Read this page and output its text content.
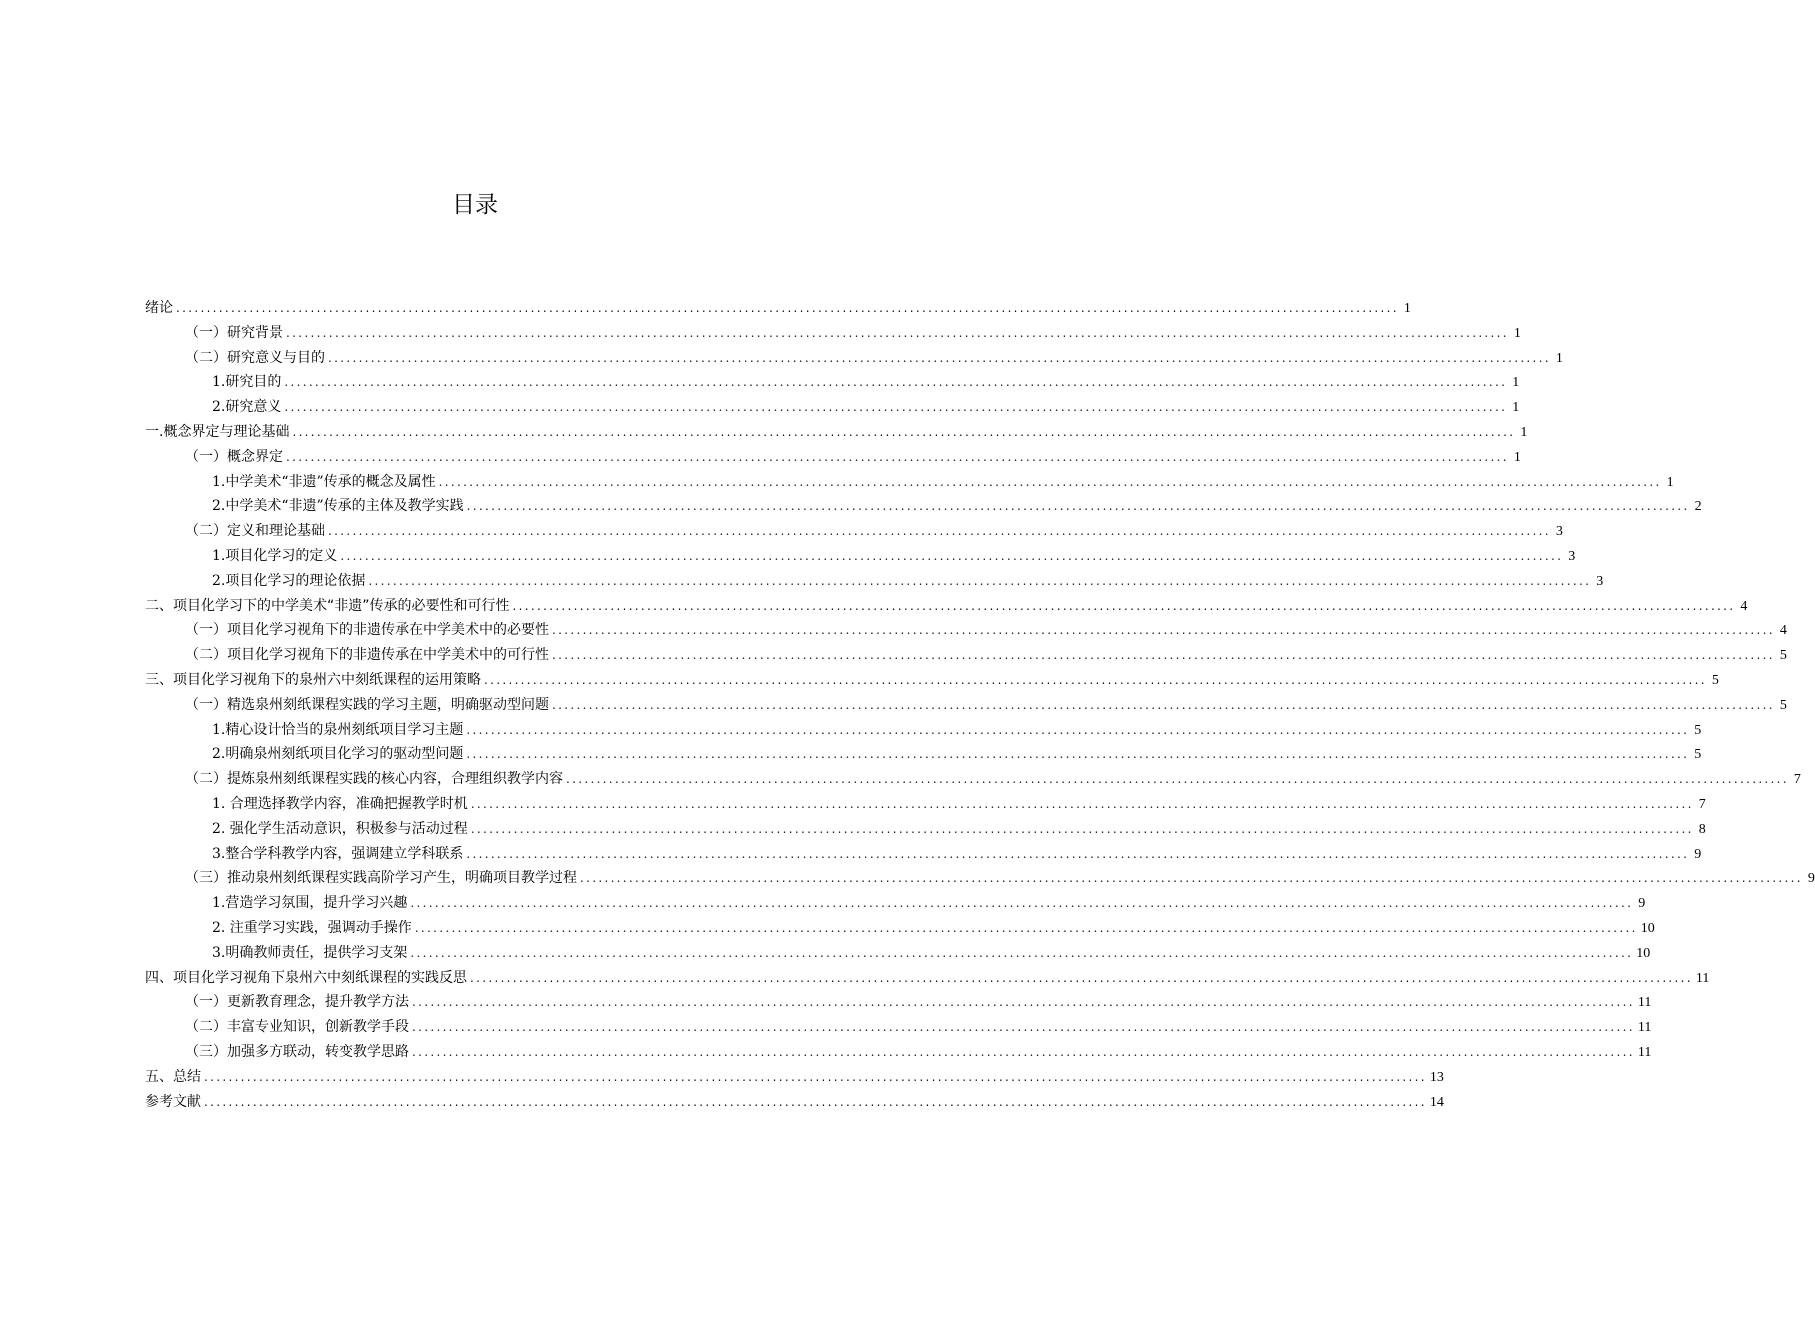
目录
绪论 ........................................................................................................................................................................................................ 1
（一）研究背景 ........................................................................................................................................................................................................ 1
（二）研究意义与目的 ........................................................................................................................................................................................................ 1
1.研究目的 ........................................................................................................................................................................................................ 1
2.研究意义 ........................................................................................................................................................................................................ 1
一.概念界定与理论基础 ........................................................................................................................................................................................................ 1
（一）概念界定 ........................................................................................................................................................................................................ 1
1.中学美术“非遗”传承的概念及属性 ........................................................................................................................................................................................................ 1
2.中学美术“非遗”传承的主体及教学实践 ........................................................................................................................................................................................................ 2
（二）定义和理论基础 ........................................................................................................................................................................................................ 3
1.项目化学习的定义 ........................................................................................................................................................................................................ 3
2.项目化学习的理论依据 ........................................................................................................................................................................................................ 3
二、项目化学习下的中学美术“非遗”传承的必要性和可行性 ........................................................................................................................................................................................................ 4
（一）项目化学习视角下的非遗传承在中学美术中的必要性 ........................................................................................................................................................................................................ 4
（二）项目化学习视角下的非遗传承在中学美术中的可行性 ........................................................................................................................................................................................................ 5
三、项目化学习视角下的泉州六中刻纸课程的运用策略 ........................................................................................................................................................................................................ 5
（一）精选泉州刻纸课程实践的学习主题，明确驱动型问题 ........................................................................................................................................................................................................ 5
1.精心设计恰当的泉州刻纸项目学习主题 ........................................................................................................................................................................................................ 5
2.明确泉州刻纸项目化学习的驱动型问题 ........................................................................................................................................................................................................ 5
（二）提炼泉州刻纸课程实践的核心内容，合理组织教学内容 ........................................................................................................................................................................................................ 7
1. 合理选择教学内容，准确把握教学时机 ........................................................................................................................................................................................................ 7
2. 强化学生活动意识，积极参与活动过程 ........................................................................................................................................................................................................ 8
3.整合学科教学内容，强调建立学科联系 ........................................................................................................................................................................................................ 9
（三）推动泉州刻纸课程实践高阶学习产生，明确项目教学过程 ........................................................................................................................................................................................................ 9
1.营造学习氛围，提升学习兴趣 ........................................................................................................................................................................................................ 9
2. 注重学习实践，强调动手操作 ........................................................................................................................................................................................................ 10
3.明确教师责任，提供学习支架 ........................................................................................................................................................................................................ 10
四、项目化学习视角下泉州六中刻纸课程的实践反思 ........................................................................................................................................................................................................ 11
（一）更新教育理念，提升教学方法 ........................................................................................................................................................................................................ 11
（二）丰富专业知识，创新教学手段 ........................................................................................................................................................................................................ 11
（三）加强多方联动，转变教学思路 ........................................................................................................................................................................................................ 11
五、总结 ........................................................................................................................................................................................................ 13
参考文献 ........................................................................................................................................................................................................ 14
